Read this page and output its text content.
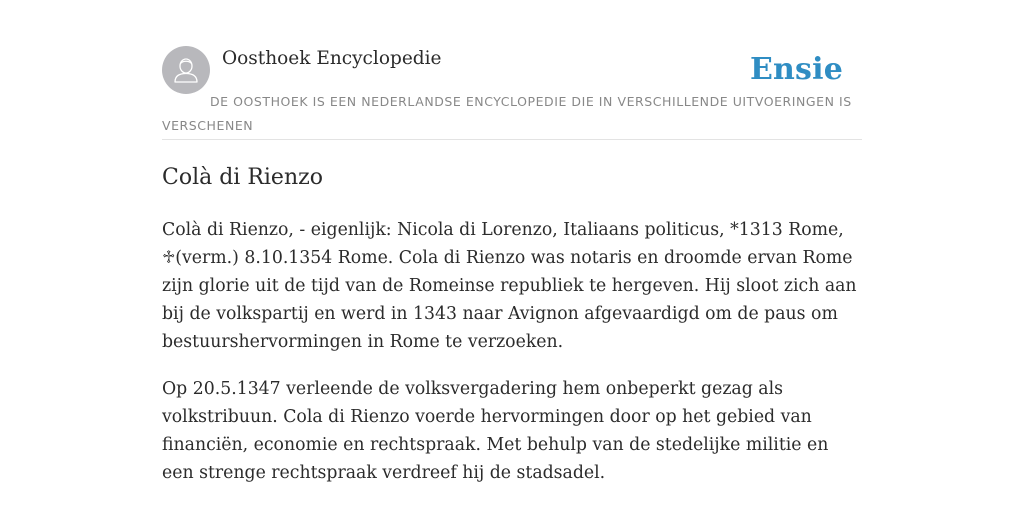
Oosthoek Encyclopedie	Ensie
DE OOSTHOEK IS EEN NEDERLANDSE ENCYCLOPEDIE DIE IN VERSCHILLENDE UITVOERINGEN IS VERSCHENEN
Colà di Rienzo

Colà di Rienzo, - eigenlijk: Nicola di Lorenzo, Italiaans politicus, *1313 Rome, ♱(verm.) 8.10.1354 Rome. Cola di Rienzo was notaris en droomde ervan Rome zijn glorie uit de tijd van de Romeinse republiek te hergeven. Hij sloot zich aan bij de volkspartij en werd in 1343 naar Avignon afgevaardigd om de paus om bestuurshervormingen in Rome te verzoeken.

Op 20.5.1347 verleende de volksvergadering hem onbeperkt gezag als volkstribuun. Cola di Rienzo voerde hervormingen door op het gebied van financiën, economie en rechtspraak. Met behulp van de stedelijke militie en een strenge rechtspraak verdreef hij de stadsadel.
